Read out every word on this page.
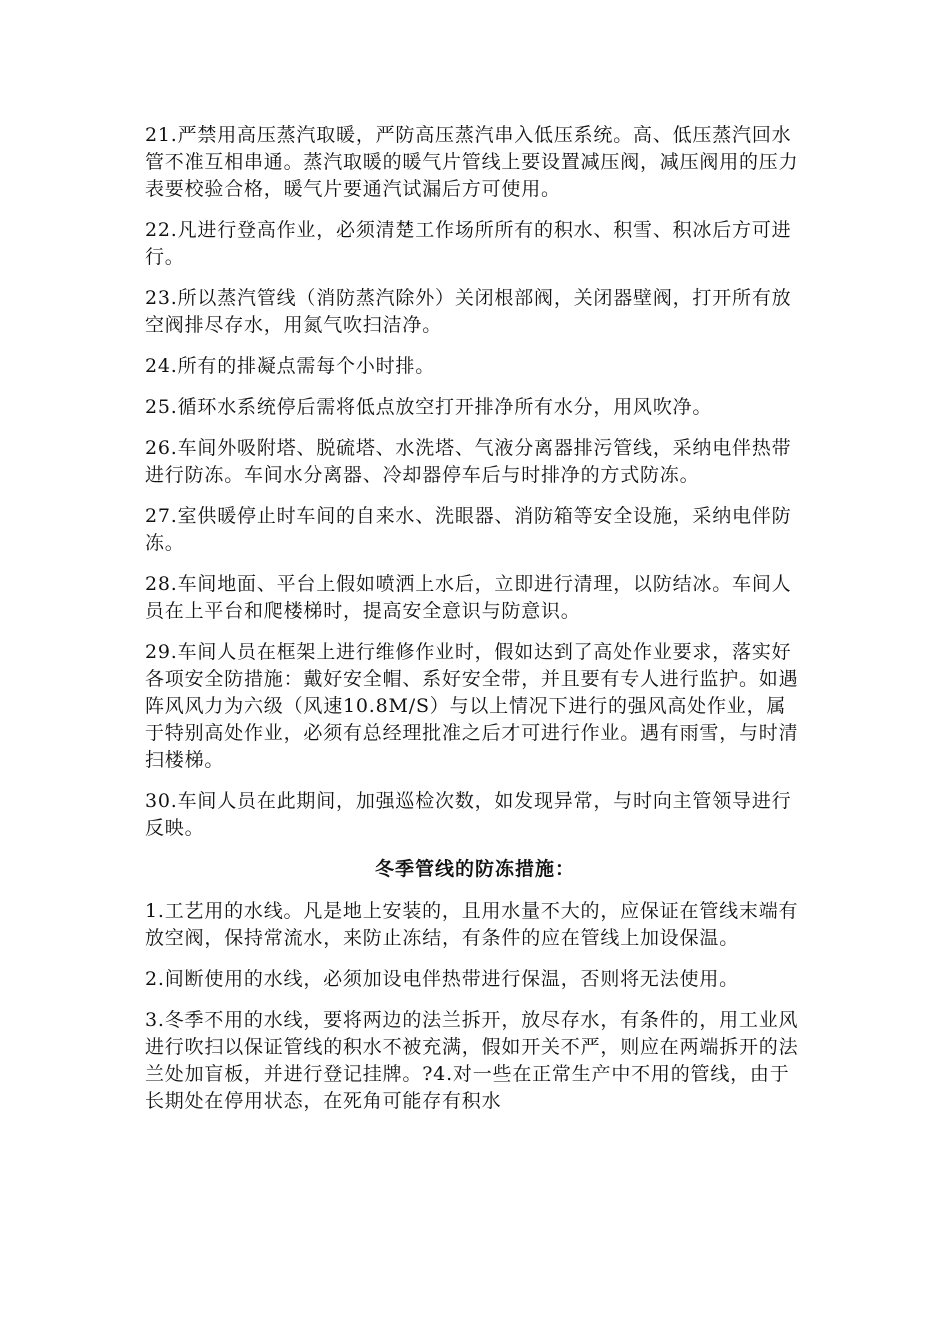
21.严禁用高压蒸汽取暖，严防高压蒸汽串入低压系统。高、低压蒸汽回水管不准互相串通。蒸汽取暖的暖气片管线上要设置减压阀，减压阀用的压力表要校验合格，暖气片要通汽试漏后方可使用。

22.凡进行登高作业，必须清楚工作场所所有的积水、积雪、积冰后方可进行。

23.所以蒸汽管线（消防蒸汽除外）关闭根部阀，关闭器壁阀，打开所有放空阀排尽存水，用氮气吹扫洁净。

24.所有的排凝点需每个小时排。

25.循环水系统停后需将低点放空打开排净所有水分，用风吹净。

26.车间外吸附塔、脱硫塔、水洗塔、气液分离器排污管线，采纳电伴热带进行防冻。车间水分离器、冷却器停车后与时排净的方式防冻。

27.室供暖停止时车间的自来水、洗眼器、消防箱等安全设施，采纳电伴防冻。

28.车间地面、平台上假如喷洒上水后，立即进行清理，以防结冰。车间人员在上平台和爬楼梯时，提高安全意识与防意识。

29.车间人员在框架上进行维修作业时，假如达到了高处作业要求，落实好各项安全防措施：戴好安全帽、系好安全带，并且要有专人进行监护。如遇阵风风力为六级（风速10.8M/S）与以上情况下进行的强风高处作业，属于特别高处作业，必须有总经理批准之后才可进行作业。遇有雨雪，与时清扫楼梯。

30.车间人员在此期间，加强巡检次数，如发现异常，与时向主管领导进行反映。

冬季管线的防冻措施：

1.工艺用的水线。凡是地上安装的，且用水量不大的，应保证在管线末端有放空阀，保持常流水，来防止冻结，有条件的应在管线上加设保温。

2.间断使用的水线，必须加设电伴热带进行保温，否则将无法使用。

3.冬季不用的水线，要将两边的法兰拆开，放尽存水，有条件的，用工业风进行吹扫以保证管线的积水不被充满，假如开关不严，则应在两端拆开的法兰处加盲板，并进行登记挂牌。?4.对一些在正常生产中不用的管线，由于长期处在停用状态，在死角可能存有积水
